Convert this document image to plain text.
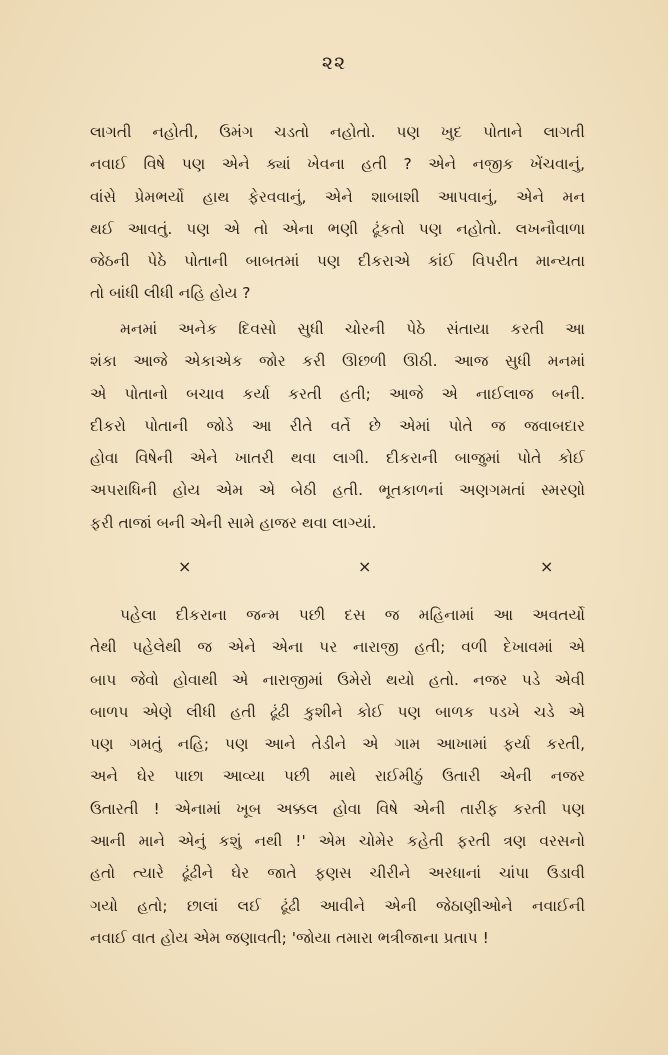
૨૨
લાગતી નહોતી, ઉમંગ ચડતો નહોતો. પણ ખુદ પોતાને લાગતી
નવાઈ વિષે પણ એને ક્યાં ખેવના હતી ? એને નજીક ખેંચવાનું,
વાંસે પ્રેમભર્યો હાથ ફેરવવાનું, એને શાબાશી આપવાનું, એને મન
થઈ આવતું. પણ એ તો એના ભણી ઢૂંકતો પણ નહોતો. લખનૌવાળા
જેઠની પેઠે પોતાની બાબતમાં પણ દીકરાએ કાંઈ વિપરીત માન્યતા
તો બાંધી લીધી નહિ હોય ?
મનમાં અનેક દિવસો સુધી ચોરની પેઠે સંતાયા કરતી આ
શંકા આજે એકાએક જોર કરી ઊછળી ઊઠી. આજ સુધી મનમાં
એ પોતાનો બચાવ કર્યા કરતી હતી; આજે એ નાઈલાજ બની.
દીકરો પોતાની જોડે આ રીતે વર્તે છે એમાં પોતે જ જવાબદાર
હોવા વિષેની એને ખાતરી થવા લાગી. દીકરાની બાજુમાં પોતે કોઈ
અપરાધિની હોય એમ એ બેઠી હતી. ભૂતકાળનાં અણગમતાં સ્મરણો
ફરી તાજાં બની એની સામે હાજર થવા લાગ્યાં.
×	×	×
પહેલા દીકરાના જન્મ પછી દસ જ મહિનામાં આ અવતર્યો
તેથી પહેલેથી જ એને એના પર નારાજી હતી; વળી દેખાવમાં એ
બાપ જેવો હોવાથી એ નારાજીમાં ઉમેરો થયો હતો. નજર પડે એવી
બાળપ એણે લીધી હતી ઢૂંઢી કુશીને કોઈ પણ બાળક પડખે ચડે એ
પણ ગમતું નહિ; પણ આને તેડીને એ ગામ આખામાં ફર્યા કરતી,
અને ઘેર પાછા આવ્યા પછી માથે રાઈમીઠું ઉતારી એની નજર
ઉતારતી ! એનામાં ખૂબ અક્કલ હોવા વિષે એની તારીફ કરતી પણ
આની માને એનું કશું નથી !' એમ ચોમેર કહેતી ફરતી ત્રણ વરસનો
હતો ત્યારે ઢૂંઢીને ઘેર જાતે ફણસ ચીરીને અરધાનાં ચાંપા ઉડાવી
ગયો હતો; છાલાં લઈ ઢૂંઢી આવીને એની જેઠાણીઓને નવાઈની
નવાઈ વાત હોય એમ જણાવતી; 'જોયા તમારા ભત્રીજાના પ્રતાપ !
